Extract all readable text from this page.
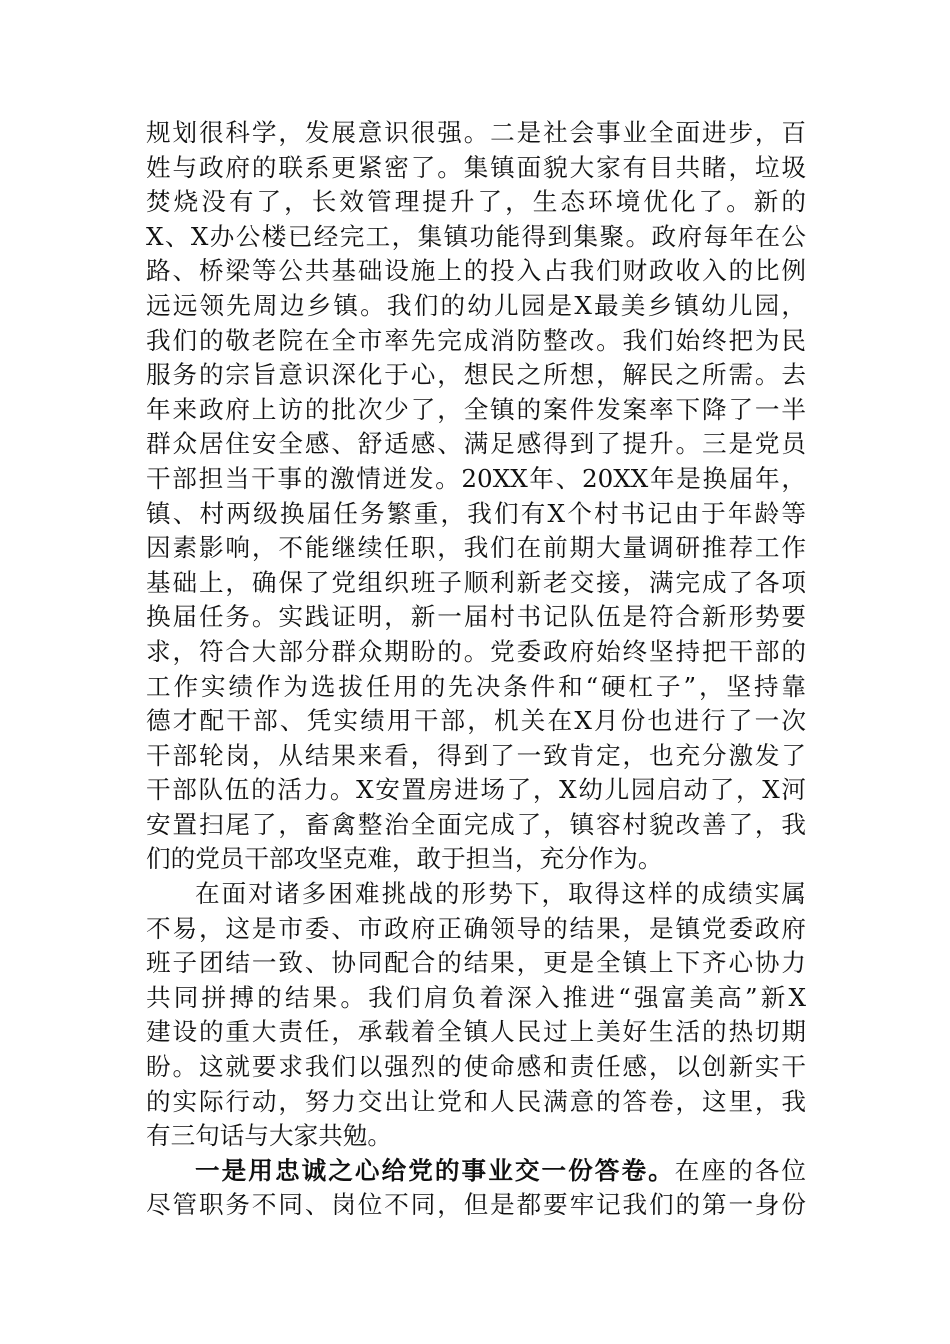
规划很科学，发展意识很强。二是社会事业全面进步，百
姓与政府的联系更紧密了。集镇面貌大家有目共睹，垃圾
焚烧没有了，长效管理提升了，生态环境优化了。新的
X、X办公楼已经完工，集镇功能得到集聚。政府每年在公
路、桥梁等公共基础设施上的投入占我们财政收入的比例
远远领先周边乡镇。我们的幼儿园是X最美乡镇幼儿园，
我们的敬老院在全市率先完成消防整改。我们始终把为民
服务的宗旨意识深化于心，想民之所想，解民之所需。去
年来政府上访的批次少了，全镇的案件发案率下降了一半
群众居住安全感、舒适感、满足感得到了提升。三是党员
干部担当干事的激情迸发。20XX年、20XX年是换届年，
镇、村两级换届任务繁重，我们有X个村书记由于年龄等
因素影响，不能继续任职，我们在前期大量调研推荐工作
基础上，确保了党组织班子顺利新老交接，满完成了各项
换届任务。实践证明，新一届村书记队伍是符合新形势要
求，符合大部分群众期盼的。党委政府始终坚持把干部的
工作实绩作为选拔任用的先决条件和“硬杠子”，坚持靠
德才配干部、凭实绩用干部，机关在X月份也进行了一次
干部轮岗，从结果来看，得到了一致肯定，也充分激发了
干部队伍的活力。X安置房进场了，X幼儿园启动了，X河
安置扫尾了，畜禽整治全面完成了，镇容村貌改善了，我
们的党员干部攻坚克难，敢于担当，充分作为。
在面对诸多困难挑战的形势下，取得这样的成绩实属
不易，这是市委、市政府正确领导的结果，是镇党委政府
班子团结一致、协同配合的结果，更是全镇上下齐心协力
共同拼搏的结果。我们肩负着深入推进“强富美高”新X
建设的重大责任，承载着全镇人民过上美好生活的热切期
盼。这就要求我们以强烈的使命感和责任感，以创新实干
的实际行动，努力交出让党和人民满意的答卷，这里，我
有三句话与大家共勉。
一是用忠诚之心给党的事业交一份答卷。在座的各位
尽管职务不同、岗位不同，但是都要牢记我们的第一身份
